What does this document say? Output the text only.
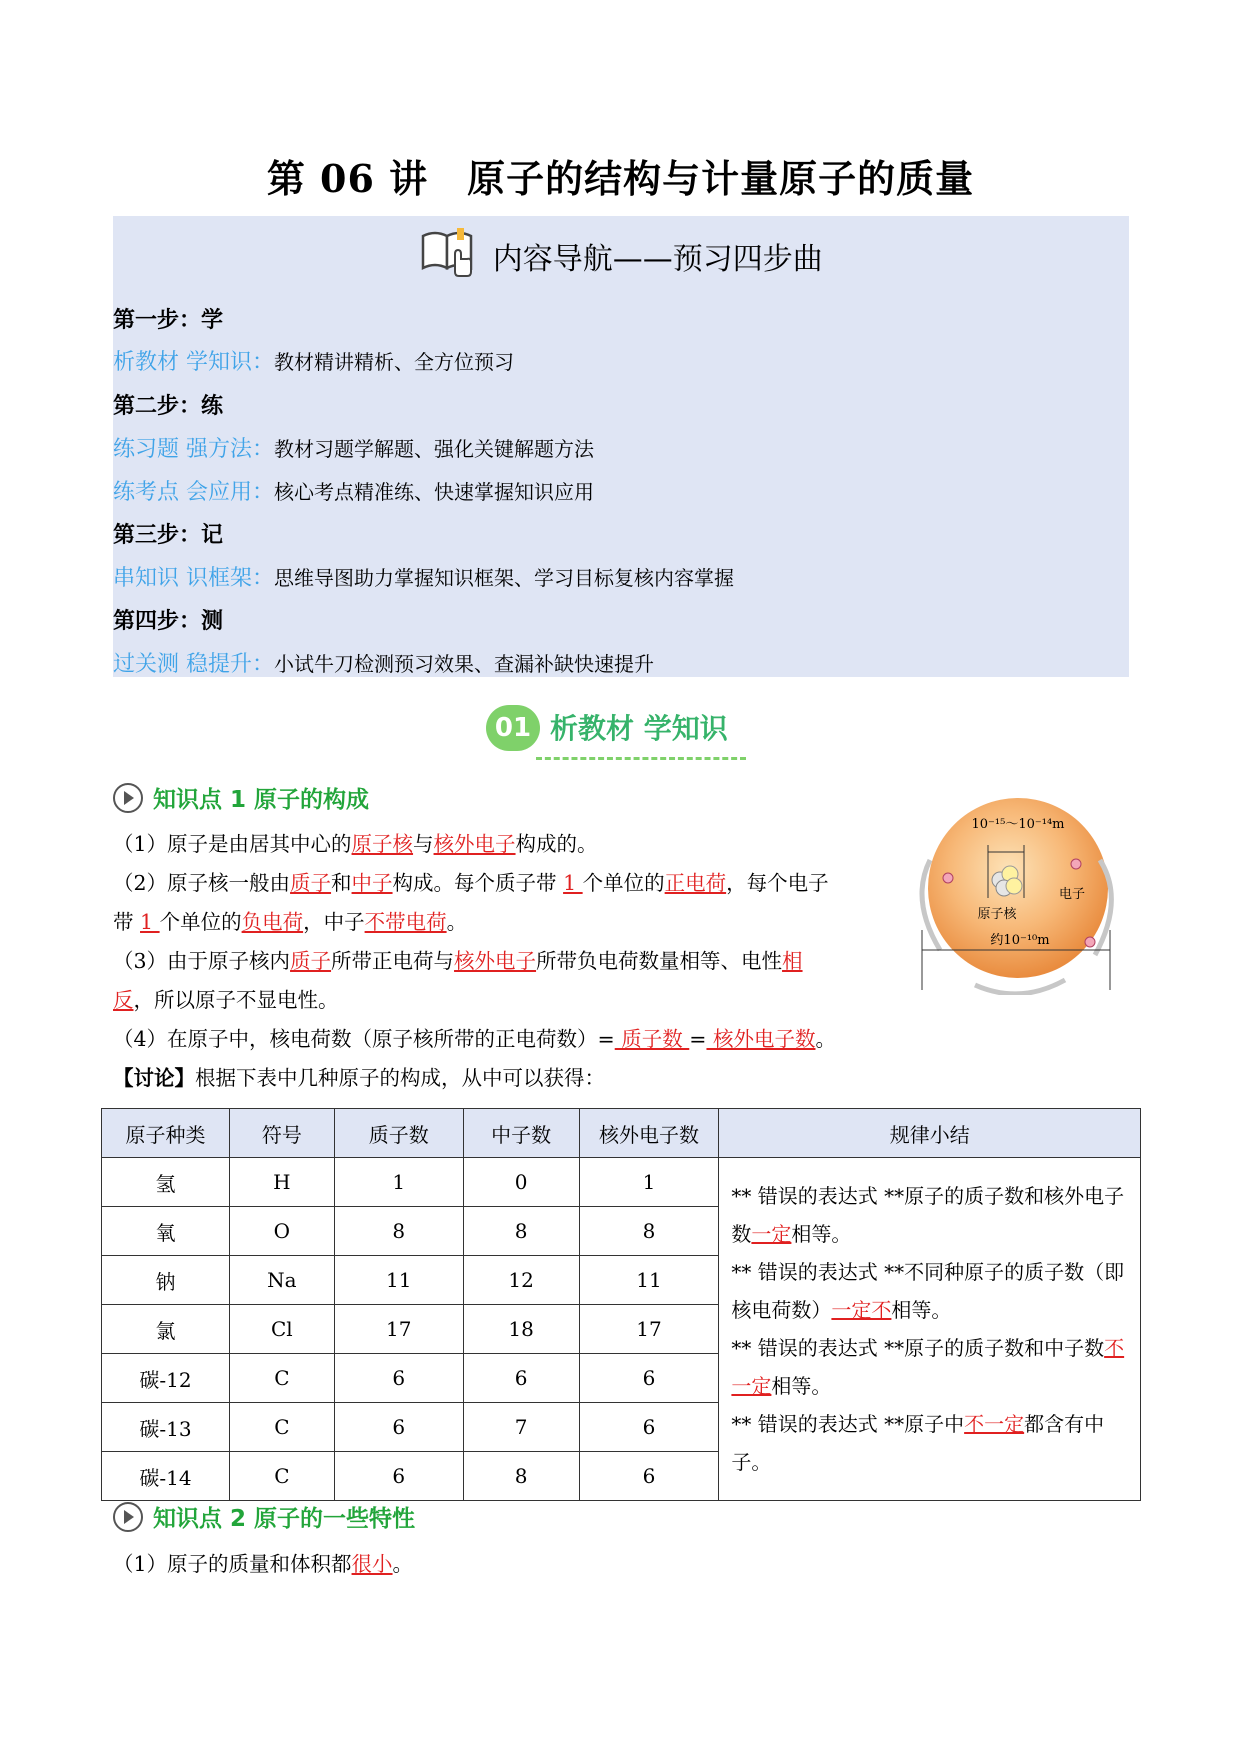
第 06 讲　原子的结构与计量原子的质量
内容导航——预习四步曲
第一步：学
析教材 学知识：教材精讲精析、全方位预习
第二步：练
练习题 强方法：教材习题学解题、强化关键解题方法
练考点 会应用：核心考点精准练、快速掌握知识应用
第三步：记
串知识 识框架：思维导图助力掌握知识框架、学习目标复核内容掌握
第四步：测
过关测 稳提升：小试牛刀检测预习效果、查漏补缺快速提升
01 析教材 学知识
知识点 1 原子的构成
（1）原子是由居其中心的原子核与核外电子构成的。
（2）原子核一般由质子和中子构成。每个质子带 1 个单位的正电荷，每个电子
带 1 个单位的负电荷，中子不带电荷。
（3）由于原子核内质子所带正电荷与核外电子所带负电荷数量相等、电性相
反，所以原子不显电性。
（4）在原子中，核电荷数（原子核所带的正电荷数）= 质子数 = 核外电子数。
【讨论】根据下表中几种原子的构成，从中可以获得：
10⁻¹⁵～10⁻¹⁴m
电子
原子核
约10⁻¹⁰m
原子种类	符号	质子数	中子数	核外电子数	规律小结
氢	H	1	0	1	** 错误的表达式 **原子的质子数和核外电子数一定相等。
** 错误的表达式 **不同种原子的质子数（即核电荷数）一定不相等。
** 错误的表达式 **原子的质子数和中子数不一定相等。
** 错误的表达式 **原子中不一定都含有中子。

氧	O	8	8	8	
钠	Na	11	12	11	
氯	Cl	17	18	17	
碳-12	C	6	6	6	
碳-13	C	6	7	6	
碳-14	C	6	8	6	
知识点 2 原子的一些特性
（1）原子的质量和体积都很小。
